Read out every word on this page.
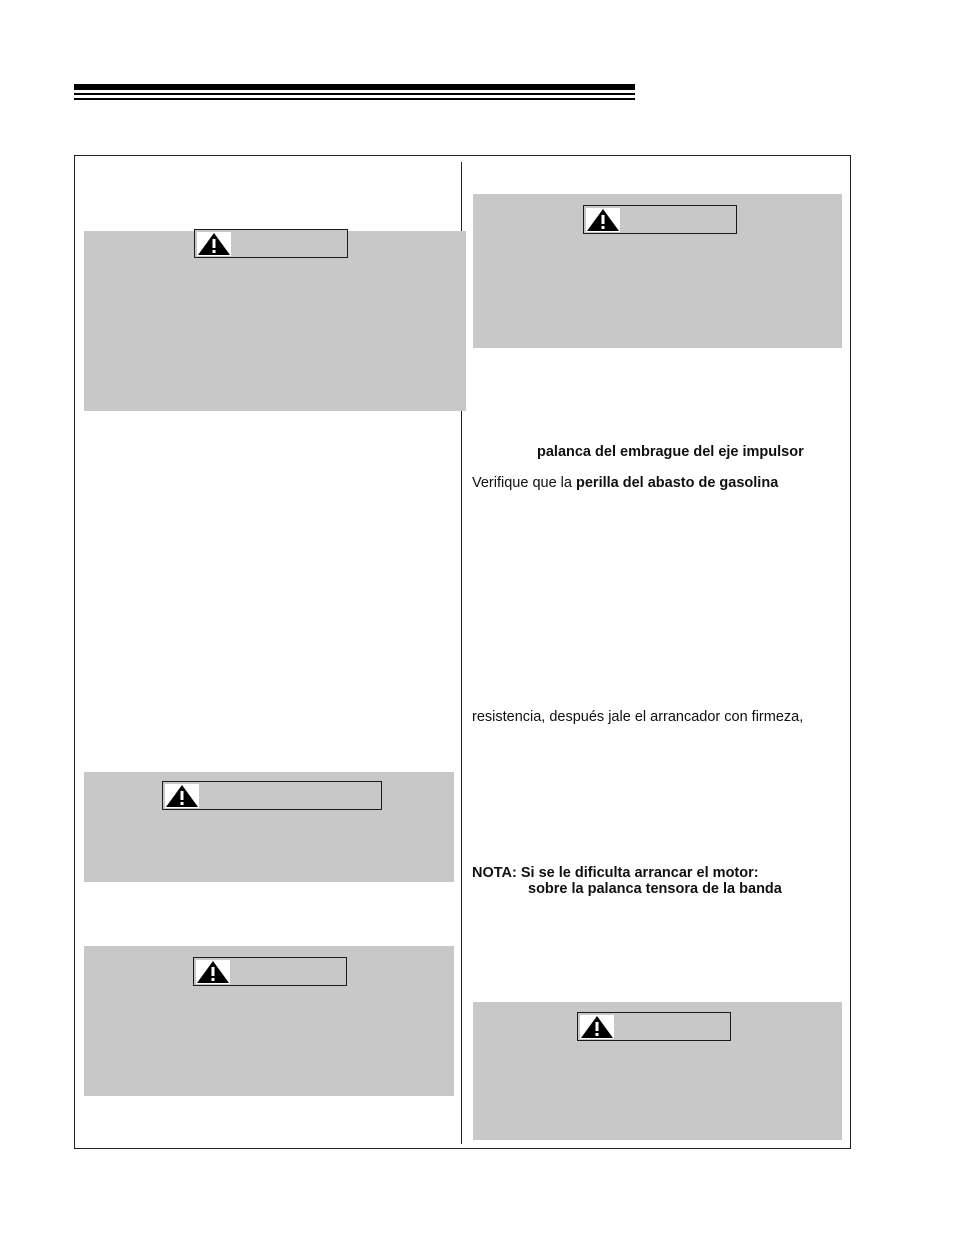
palanca del embrague del eje impulsor
Verifique que la perilla del abasto de gasolina
resistencia, después jale el arrancador con firmeza,
NOTA: Si se le dificulta arrancar el motor:
sobre la palanca tensora de la banda
